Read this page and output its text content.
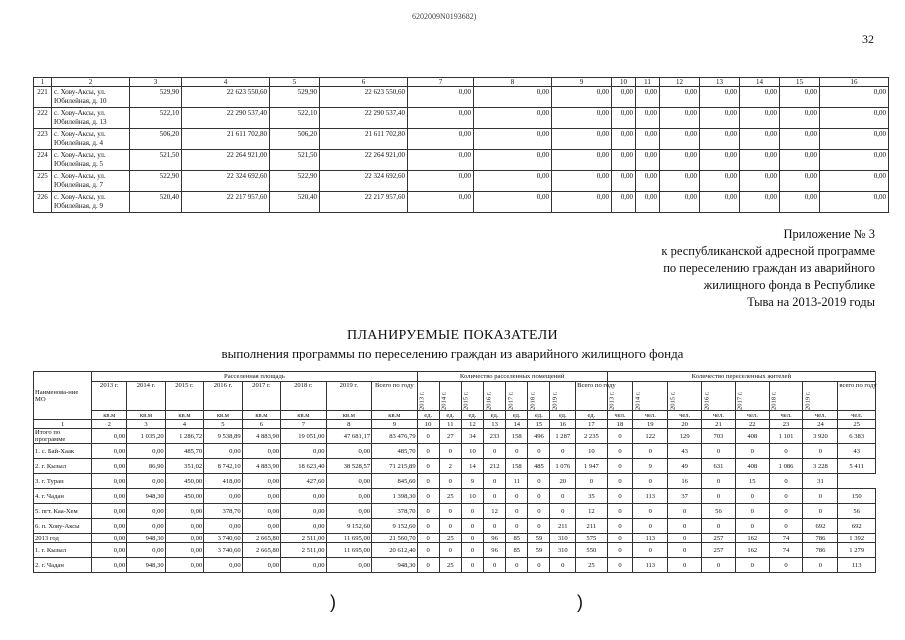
6202009N0193682)
32
1	2	3	4	5	6	7	8	9	10	11	12	13	14	15	16
221	с. Хову-Аксы, ул. Юбилейная, д. 10	529,90	22 623 550,60	529,90	22 623 550,60	0,00	0,00	0,00	0,00	0,00	0,00	0,00	0,00	0,00	0,00
222	с. Хову-Аксы, ул. Юбилейная, д. 13	522,10	22 290 537,40	522,10	22 290 537,40	0,00	0,00	0,00	0,00	0,00	0,00	0,00	0,00	0,00	0,00
223	с. Хову-Аксы, ул. Юбилейная, д. 4	506,20	21 611 702,80	506,20	21 611 702,80	0,00	0,00	0,00	0,00	0,00	0,00	0,00	0,00	0,00	0,00
224	с. Хову-Аксы, ул. Юбилейная, д. 5	521,50	22 264 921,00	521,50	22 264 921,00	0,00	0,00	0,00	0,00	0,00	0,00	0,00	0,00	0,00	0,00
225	с. Хову-Аксы, ул. Юбилейная, д. 7	522,90	22 324 692,60	522,90	22 324 692,60	0,00	0,00	0,00	0,00	0,00	0,00	0,00	0,00	0,00	0,00
226	с. Хову-Аксы, ул. Юбилейная, д. 9	520,40	22 217 957,60	520,40	22 217 957,60	0,00	0,00	0,00	0,00	0,00	0,00	0,00	0,00	0,00	0,00
Приложение № 3
к республиканской адресной программе
по переселению граждан из аварийного
жилищного фонда в Республике
Тыва на 2013-2019 годы
ПЛАНИРУЕМЫЕ ПОКАЗАТЕЛИ
выполнения программы по переселению граждан из аварийного жилищного фонда
Наименова-ние МО	Расселенная площадь								Количество расселенных помещений								Количество переселенных жителей							
	2013 г.	2014 г.	2015 г.	2016 г.	2017 г.	2018 г.	2019 г.	Всего по году	2013 г.	2014 г.	2015 г.	2016 г.	2017 г.	2018 г.	2019 г.	Всего по году	2013 г.	2014 г.	2015 г.	2016 г.	2017 г.	2018 г.	2019 г.	всего по году
	кв.м	кв.м	кв.м	кв.м	кв.м	кв.м	кв.м	кв.м	ед.	ед.	ед.	ед.	ед.	ед.	ед.	ед.	чел.	чел.	чел.	чел.	чел.	чел.	чел.	чел.
1	2	3	4	5	6	7	8	9	10	11	12	13	14	15	16	17	18	19	20	21	22	23	24	25
Итого по программе	0,00	1 035,20	1 286,72	9 538,89	4 883,90	19 051,00	47 681,17	83 476,79	0	27	34	233	158	496	1 287	2 235	0	122	129	703	408	1 101	3 920	6 383
1. с. Бай-Хаак	0,00	0,00	485,70	0,00	0,00	0,00	0,00	485,70	0	0	10	0	0	0	0	10	0	0	43	0	0	0	0	43
2. г. Кызыл	0,00	86,90	351,02	8 742,10	4 883,90	18 623,40	38 528,57	71 215,89	0	2	14	212	158	485	1 076	1 947	0	9	49	631	408	1 086	3 228	5 411
3. г. Туран	0,00	0,00	450,00	418,00	0,00	427,60	0,00	845,60	0	0	9	0	11	0	20	0	0	0	16	0	15	0	31	
4. г. Чадан	0,00	948,30	450,00	0,00	0,00	0,00	0,00	1 398,30	0	25	10	0	0	0	0	35	0	113	37	0	0	0	0	150
5. пгт. Каа-Хем	0,00	0,00	0,00	378,70	0,00	0,00	0,00	378,70	0	0	0	12	0	0	0	12	0	0	0	56	0	0	0	56
6. п. Хову-Аксы	0,00	0,00	0,00	0,00	0,00	0,00	9 152,60	9 152,60	0	0	0	0	0	0	211	211	0	0	0	0	0	0	692	692
2013 год	0,00	948,30	0,00	3 740,60	2 665,80	2 511,00	11 695,00	21 560,70	0	25	0	96	85	59	310	575	0	113	0	257	162	74	786	1 392
1. г. Кызыл	0,00	0,00	0,00	3 740,60	2 665,80	2 511,00	11 695,00	20 612,40	0	0	0	96	85	59	310	550	0	0	0	257	162	74	786	1 279
2. г. Чадан	0,00	948,30	0,00	0,00	0,00	0,00	0,00	948,30	0	25	0	0	0	0	0	25	0	113	0	0	0	0	0	113
)	)
